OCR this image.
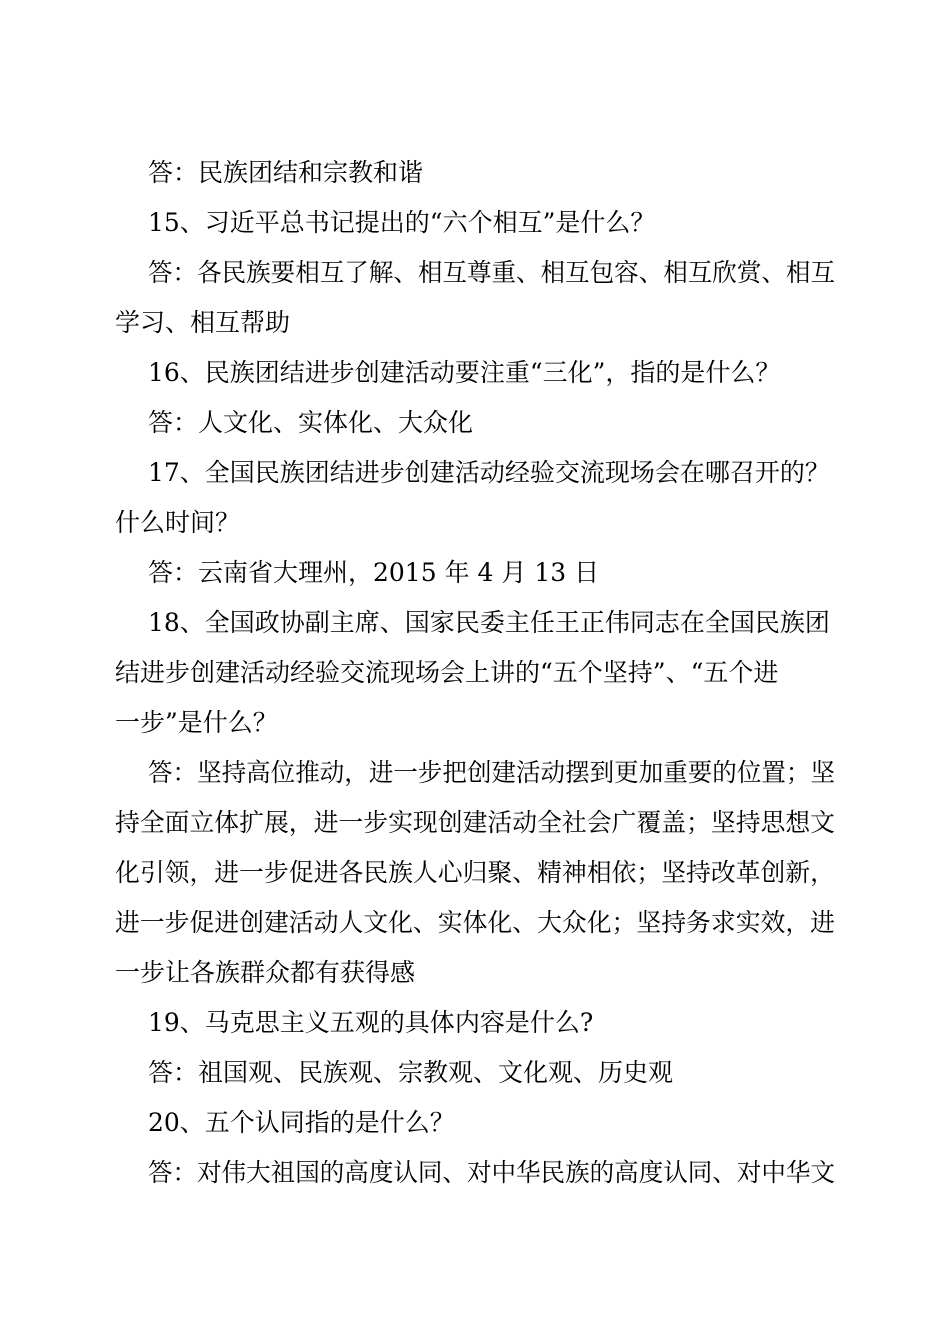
答：民族团结和宗教和谐
15、习近平总书记提出的“六个相互”是什么？
答：各民族要相互了解、相互尊重、相互包容、相互欣赏、相互
学习、相互帮助
16、民族团结进步创建活动要注重“三化”，指的是什么？
答：人文化、实体化、大众化
17、全国民族团结进步创建活动经验交流现场会在哪召开的？
什么时间？
答：云南省大理州，2015 年 4 月 13 日
18、全国政协副主席、国家民委主任王正伟同志在全国民族团
结进步创建活动经验交流现场会上讲的“五个坚持”、“五个进
一步”是什么？
答：坚持高位推动，进一步把创建活动摆到更加重要的位置；坚
持全面立体扩展，进一步实现创建活动全社会广覆盖；坚持思想文
化引领，进一步促进各民族人心归聚、精神相依；坚持改革创新，
进一步促进创建活动人文化、实体化、大众化；坚持务求实效，进
一步让各族群众都有获得感
19、马克思主义五观的具体内容是什么?
答：祖国观、民族观、宗教观、文化观、历史观
20、五个认同指的是什么？
答：对伟大祖国的高度认同、对中华民族的高度认同、对中华文
